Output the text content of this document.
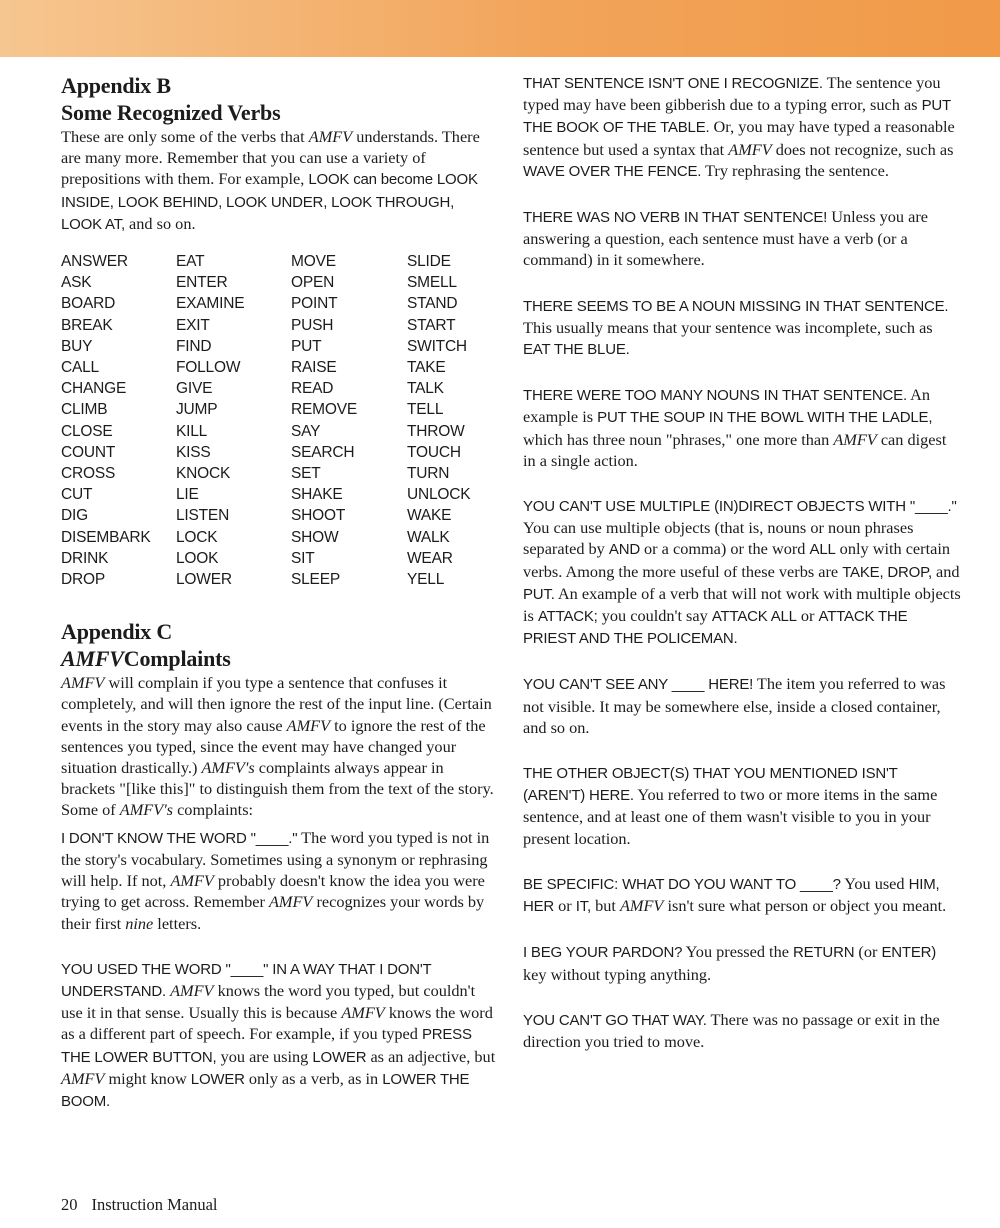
Appendix B
Some Recognized Verbs

These are only some of the verbs that AMFV understands. There are many more. Remember that you can use a variety of prepositions with them. For example, LOOK can become LOOK INSIDE, LOOK BEHIND, LOOK UNDER, LOOK THROUGH, LOOK AT, and so on.

ANSWER
ASK
BOARD
BREAK
BUY
CALL
CHANGE
CLIMB
CLOSE
COUNT
CROSS
CUT
DIG
DISEMBARK
DRINK
DROP
EAT
ENTER
EXAMINE
EXIT
FIND
FOLLOW
GIVE
JUMP
KILL
KISS
KNOCK
LIE
LISTEN
LOCK
LOOK
LOWER
MOVE
OPEN
POINT
PUSH
PUT
RAISE
READ
REMOVE
SAY
SEARCH
SET
SHAKE
SHOOT
SHOW
SIT
SLEEP
SLIDE
SMELL
STAND
START
SWITCH
TAKE
TALK
TELL
THROW
TOUCH
TURN
UNLOCK
WAKE
WALK
WEAR
YELL
Appendix C
AMFVComplaints

AMFV will complain if you type a sentence that confuses it completely, and will then ignore the rest of the input line. (Certain events in the story may also cause AMFV to ignore the rest of the sentences you typed, since the event may have changed your situation drastically.) AMFV's complaints always appear in brackets "[like this]" to distinguish them from the text of the story. Some of AMFV's complaints:

I DON'T KNOW THE WORD "____." The word you typed is not in the story's vocabulary. Sometimes using a synonym or rephrasing will help. If not, AMFV probably doesn't know the idea you were trying to get across. Remember AMFV recognizes your words by their first nine letters.

YOU USED THE WORD "____" IN A WAY THAT I DON'T UNDERSTAND. AMFV knows the word you typed, but couldn't use it in that sense. Usually this is because AMFV knows the word as a different part of speech. For example, if you typed PRESS THE LOWER BUTTON, you are using LOWER as an adjective, but AMFV might know LOWER only as a verb, as in LOWER THE BOOM.

THAT SENTENCE ISN'T ONE I RECOGNIZE. The sentence you typed may have been gibberish due to a typing error, such as PUT THE BOOK OF THE TABLE. Or, you may have typed a reasonable sentence but used a syntax that AMFV does not recognize, such as WAVE OVER THE FENCE. Try rephrasing the sentence.

THERE WAS NO VERB IN THAT SENTENCE! Unless you are answering a question, each sentence must have a verb (or a command) in it somewhere.

THERE SEEMS TO BE A NOUN MISSING IN THAT SENTENCE. This usually means that your sentence was incomplete, such as EAT THE BLUE.

THERE WERE TOO MANY NOUNS IN THAT SENTENCE. An example is PUT THE SOUP IN THE BOWL WITH THE LADLE, which has three noun "phrases," one more than AMFV can digest in a single action.

YOU CAN'T USE MULTIPLE (IN)DIRECT OBJECTS WITH "____." You can use multiple objects (that is, nouns or noun phrases separated by AND or a comma) or the word ALL only with certain verbs. Among the more useful of these verbs are TAKE, DROP, and PUT. An example of a verb that will not work with multiple objects is ATTACK; you couldn't say ATTACK ALL or ATTACK THE PRIEST AND THE POLICEMAN.

YOU CAN'T SEE ANY ____ HERE! The item you referred to was not visible. It may be somewhere else, inside a closed container, and so on.

THE OTHER OBJECT(S) THAT YOU MENTIONED ISN'T (AREN'T) HERE. You referred to two or more items in the same sentence, and at least one of them wasn't visible to you in your present location.

BE SPECIFIC: WHAT DO YOU WANT TO ____? You used HIM, HER or IT, but AMFV isn't sure what person or object you meant.

I BEG YOUR PARDON? You pressed the RETURN (or ENTER) key without typing anything.

YOU CAN'T GO THAT WAY. There was no passage or exit in the direction you tried to move.

20 Instruction Manual
